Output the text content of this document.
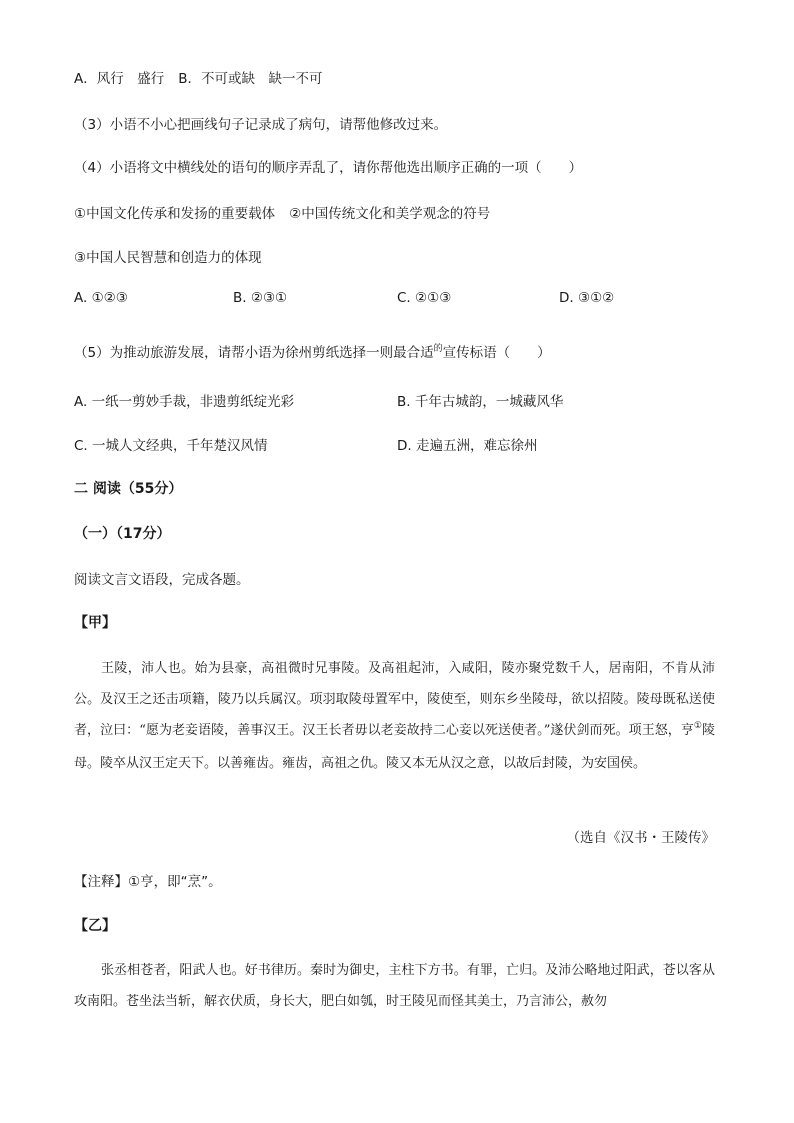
A．风行　盛行 B．不可或缺　缺一不可
（3）小语不小心把画线句子记录成了病句，请帮他修改过来。
（4）小语将文中横线处的语句的顺序弄乱了，请你帮他选出顺序正确的一项（　　）
①中国文化传承和发扬的重要载体 ②中国传统文化和美学观念的符号
③中国人民智慧和创造力的体现
A. ①②③	B. ②③①	C. ②①③	D. ③①②
（5）为推动旅游发展，请帮小语为徐州剪纸选择一则最合适$^的$宣传标语（　　）
A. 一纸一剪妙手裁，非遗剪纸绽光彩	B. 千年古城韵，一城藏风华
C. 一城人文经典，千年楚汉风情	D. 走遍五洲，难忘徐州
二 阅读（55分）
（一）（17分）
阅读文言文语段，完成各题。
【甲】
王陵，沛人也。始为县豪，高祖微时兄事陵。及高祖起沛，入咸阳，陵亦聚党数千人，居南阳，不肯从沛公。及汉王之还击项籍，陵乃以兵属汉。项羽取陵母置军中，陵使至，则东乡坐陵母，欲以招陵。陵母既私送使者，泣曰：“愿为老妾语陵，善事汉王。汉王长者毋以老妾故持二心妾以死送使者。”遂伏剑而死。项王怒，亨①陵母。陵卒从汉王定天下。以善雍齿。雍齿，高祖之仇。陵又本无从汉之意，以故后封陵，为安国侯。
（选自《汉书・王陵传》
【注释】①亨，即“烹”。
【乙】
张丞相苍者，阳武人也。好书律历。秦时为御史，主柱下方书。有罪，亡归。及沛公略地过阳武，苍以客从攻南阳。苍坐法当斩，解衣伏质，身长大，肥白如瓠，时王陵见而怪其美士，乃言沛公，赦勿
